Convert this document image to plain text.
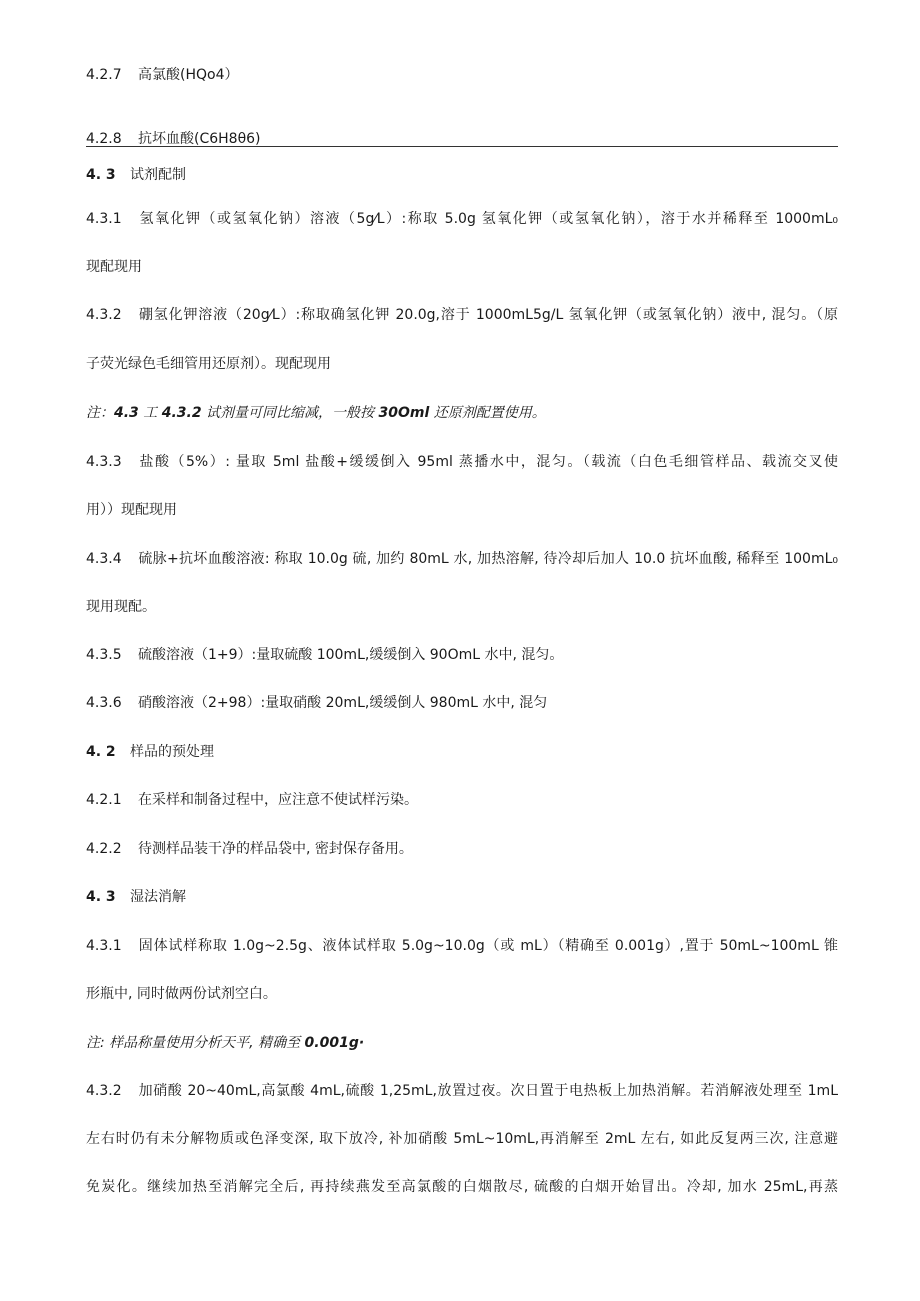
4.2.7 高氯酸(HQo4）
4.2.8 抗坏血酸(C6H8θ6)
4. 3 试剂配制
4.3.1 氢氧化钾（或氢氧化钠）溶液（5g⁄L）:称取 5.0g 氢氧化钾（或氢氧化钠），溶于水并稀释至 1000mL₀
现配现用
4.3.2 硼氢化钾溶液（20g⁄L）:称取确氢化钾 20.0g,溶于 1000mL5g/L 氢氧化钾（或氢氧化钠）液中, 混匀。（原
子荧光绿色毛细管用还原剂）。现配现用
注：4.3 工 4.3.2 试剂量可同比缩减，一般按 30Oml 还原剂配置使用。
4.3.3 盐酸（5%）: 量取 5ml 盐酸+缓缓倒入 95ml 蒸播水中，混匀。（载流（白色毛细管样品、载流交叉使
用））现配现用
4.3.4 硫脉+抗坏血酸溶液: 称取 10.0g 硫, 加约 80mL 水, 加热溶解, 待冷却后加人 10.0 抗坏血酸, 稀释至 100mL₀
现用现配。
4.3.5 硫酸溶液（1+9）:量取硫酸 100mL,缓缓倒入 90OmL 水中, 混匀。
4.3.6 硝酸溶液（2+98）:量取硝酸 20mL,缓缓倒人 980mL 水中, 混匀
4. 2 样品的预处理
4.2.1 在采样和制备过程中，应注意不使试样污染。
4.2.2 待测样品装干净的样品袋中, 密封保存备用。
4. 3 湿法消解
4.3.1 固体试样称取 1.0g~2.5g、液体试样取 5.0g~10.0g（或 mL）（精确至 0.001g）,置于 50mL~100mL 锥
形瓶中, 同时做两份试剂空白。
注: 样品称量使用分析天平, 精确至 0.001g·
4.3.2 加硝酸 20~40mL,高氯酸 4mL,硫酸 1,25mL,放置过夜。次日置于电热板上加热消解。若消解液处理至 1mL
左右时仍有未分解物质或色泽变深, 取下放冷, 补加硝酸 5mL~10mL,再消解至 2mL 左右, 如此反复两三次, 注意避
免炭化。继续加热至消解完全后, 再持续燕发至高氯酸的白烟散尽, 硫酸的白烟开始冒出。冷却, 加水 25mL,再蒸
